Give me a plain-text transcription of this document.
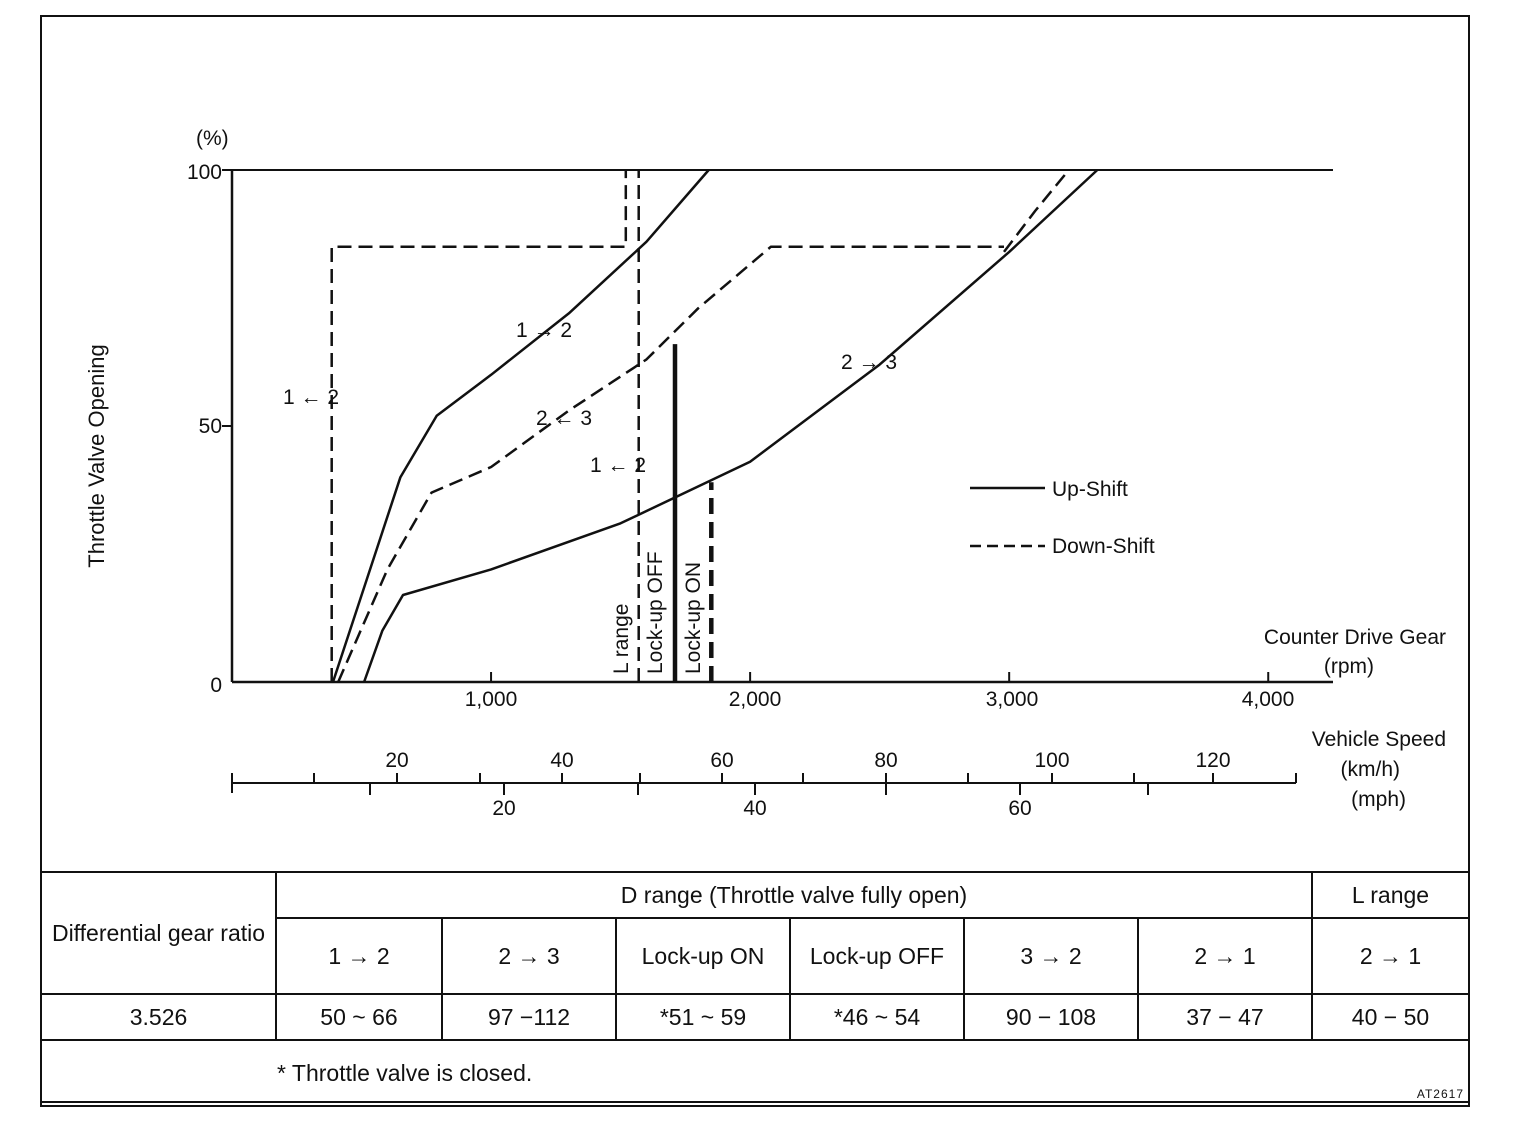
(%)
Throttle Valve Opening
100
50
0
1,000	2,000	3,000	4,000
Counter Drive Gear
(rpm)
Vehicle Speed
(km/h)
(mph)
20	40	60	80	100	120
20	40	60
Up-Shift
Down-Shift
1 → 2
2 → 3
1 ← 2
2 ← 3
1 ← 2
L range Lock-up OFF Lock-up ON
Differential gear ratio	D range (Throttle valve fully open)						L range
	1 → 2	2 → 3	Lock-up ON	Lock-up OFF	3 → 2	2 → 1	2 → 1
3.526	50 ~ 66	97 −112	*51 ~ 59	*46 ~ 54	90 − 108	37 − 47	40 − 50
* Throttle valve is closed.							
AT2617
